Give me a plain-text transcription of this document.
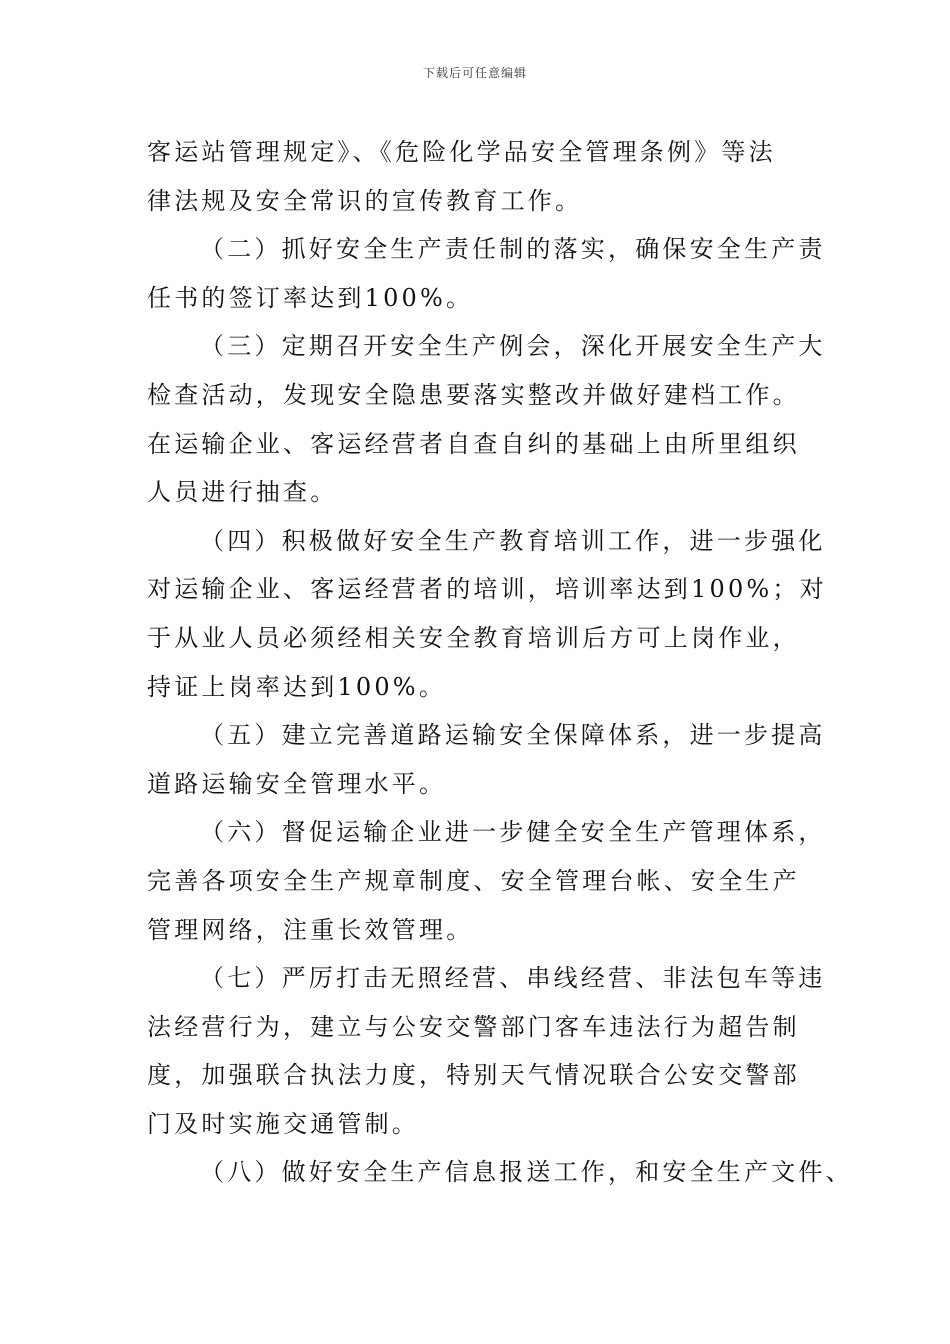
下载后可任意编辑
客运站管理规定》、《危险化学品安全管理条例》等法
律法规及安全常识的宣传教育工作。
（二）抓好安全生产责任制的落实，确保安全生产责
任书的签订率达到100%。
（三）定期召开安全生产例会，深化开展安全生产大
检查活动，发现安全隐患要落实整改并做好建档工作。
在运输企业、客运经营者自查自纠的基础上由所里组织
人员进行抽查。
（四）积极做好安全生产教育培训工作，进一步强化
对运输企业、客运经营者的培训，培训率达到100%；对
于从业人员必须经相关安全教育培训后方可上岗作业，
持证上岗率达到100%。
（五）建立完善道路运输安全保障体系，进一步提高
道路运输安全管理水平。
（六）督促运输企业进一步健全安全生产管理体系，
完善各项安全生产规章制度、安全管理台帐、安全生产
管理网络，注重长效管理。
（七）严厉打击无照经营、串线经营、非法包车等违
法经营行为，建立与公安交警部门客车违法行为超告制
度，加强联合执法力度，特别天气情况联合公安交警部
门及时实施交通管制。
（八）做好安全生产信息报送工作，和安全生产文件、
